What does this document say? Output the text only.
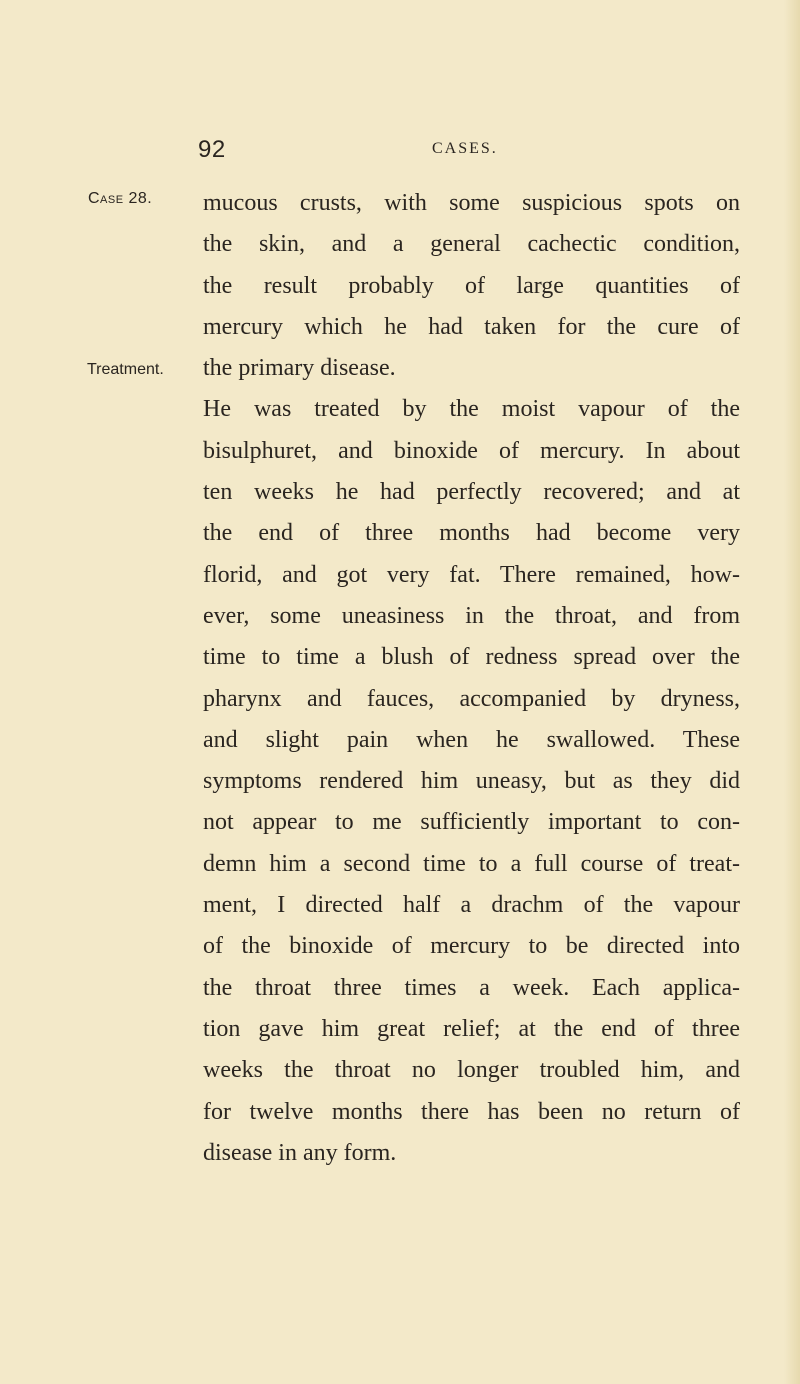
92	CASES.
Case 28.
Treatment.
mucous crusts, with some suspicious spots on
the skin, and a general cachectic condition,
the result probably of large quantities of
mercury which he had taken for the cure of
the primary disease.
He was treated by the moist vapour of the
bisulphuret, and binoxide of mercury. In about
ten weeks he had perfectly recovered; and at
the end of three months had become very
florid, and got very fat. There remained, how-
ever, some uneasiness in the throat, and from
time to time a blush of redness spread over the
pharynx and fauces, accompanied by dryness,
and slight pain when he swallowed. These
symptoms rendered him uneasy, but as they did
not appear to me sufficiently important to con-
demn him a second time to a full course of treat-
ment, I directed half a drachm of the vapour
of the binoxide of mercury to be directed into
the throat three times a week. Each applica-
tion gave him great relief; at the end of three
weeks the throat no longer troubled him, and
for twelve months there has been no return of
disease in any form.
